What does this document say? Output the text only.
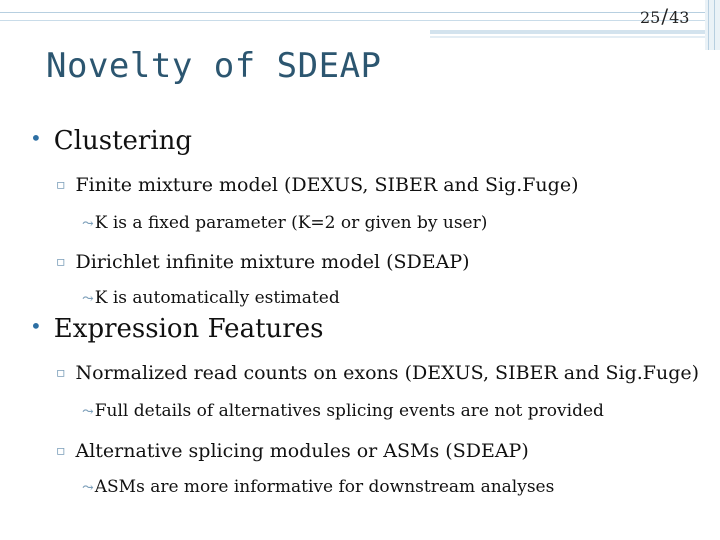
25/43
Novelty of SDEAP
• Clustering
▫ Finite mixture model (DEXUS, SIBER and Sig.Fuge)
⤳K is a fixed parameter (K=2 or given by user)
▫ Dirichlet infinite mixture model (SDEAP)
⤳K is automatically estimated
• Expression Features
▫ Normalized read counts on exons (DEXUS, SIBER and Sig.Fuge)
⤳Full details of alternatives splicing events are not provided
▫ Alternative splicing modules or ASMs (SDEAP)
⤳ASMs are more informative for downstream analyses
